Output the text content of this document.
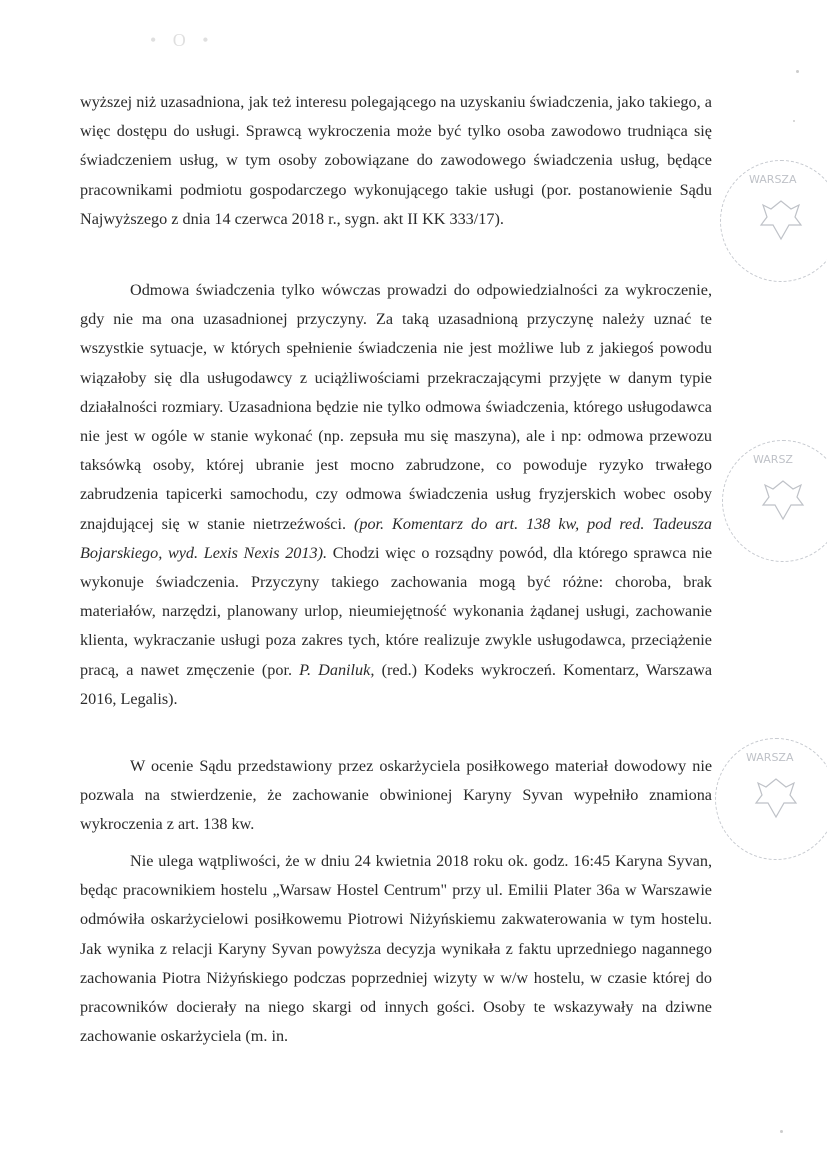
• O •

wyższej niż uzasadniona, jak też interesu polegającego na uzyskaniu świadczenia, jako takiego, a więc dostępu do usługi. Sprawcą wykroczenia może być tylko osoba zawodowo trudniąca się świadczeniem usług, w tym osoby zobowiązane do zawodowego świadczenia usług, będące pracownikami podmiotu gospodarczego wykonującego takie usługi (por. postanowienie Sądu Najwyższego z dnia 14 czerwca 2018 r., sygn. akt II KK 333/17).

Odmowa świadczenia tylko wówczas prowadzi do odpowiedzialności za wykroczenie, gdy nie ma ona uzasadnionej przyczyny. Za taką uzasadnioną przyczynę należy uznać te wszystkie sytuacje, w których spełnienie świadczenia nie jest możliwe lub z jakiegoś powodu wiązałoby się dla usługodawcy z uciążliwościami przekraczającymi przyjęte w danym typie działalności rozmiary. Uzasadniona będzie nie tylko odmowa świadczenia, którego usługodawca nie jest w ogóle w stanie wykonać (np. zepsuła mu się maszyna), ale i np: odmowa przewozu taksówką osoby, której ubranie jest mocno zabrudzone, co powoduje ryzyko trwałego zabrudzenia tapicerki samochodu, czy odmowa świadczenia usług fryzjerskich wobec osoby znajdującej się w stanie nietrzeźwości. (por. Komentarz do art. 138 kw, pod red. Tadeusza Bojarskiego, wyd. Lexis Nexis 2013). Chodzi więc o rozsądny powód, dla którego sprawca nie wykonuje świadczenia. Przyczyny takiego zachowania mogą być różne: choroba, brak materiałów, narzędzi, planowany urlop, nieumiejętność wykonania żądanej usługi, zachowanie klienta, wykraczanie usługi poza zakres tych, które realizuje zwykle usługodawca, przeciążenie pracą, a nawet zmęczenie (por. P. Daniluk, (red.) Kodeks wykroczeń. Komentarz, Warszawa 2016, Legalis).

W ocenie Sądu przedstawiony przez oskarżyciela posiłkowego materiał dowodowy nie pozwala na stwierdzenie, że zachowanie obwinionej Karyny Syvan wypełniło znamiona wykroczenia z art. 138 kw.

Nie ulega wątpliwości, że w dniu 24 kwietnia 2018 roku ok. godz. 16:45 Karyna Syvan, będąc pracownikiem hostelu „Warsaw Hostel Centrum" przy ul. Emilii Plater 36a w Warszawie odmówiła oskarżycielowi posiłkowemu Piotrowi Niżyńskiemu zakwaterowania w tym hostelu. Jak wynika z relacji Karyny Syvan powyższa decyzja wynikała z faktu uprzedniego nagannego zachowania Piotra Niżyńskiego podczas poprzedniej wizyty w w/w hostelu, w czasie której do pracowników docierały na niego skargi od innych gości. Osoby te wskazywały na dziwne zachowanie oskarżyciela (m. in.

WARSZA
WARSZ
WARSZA
